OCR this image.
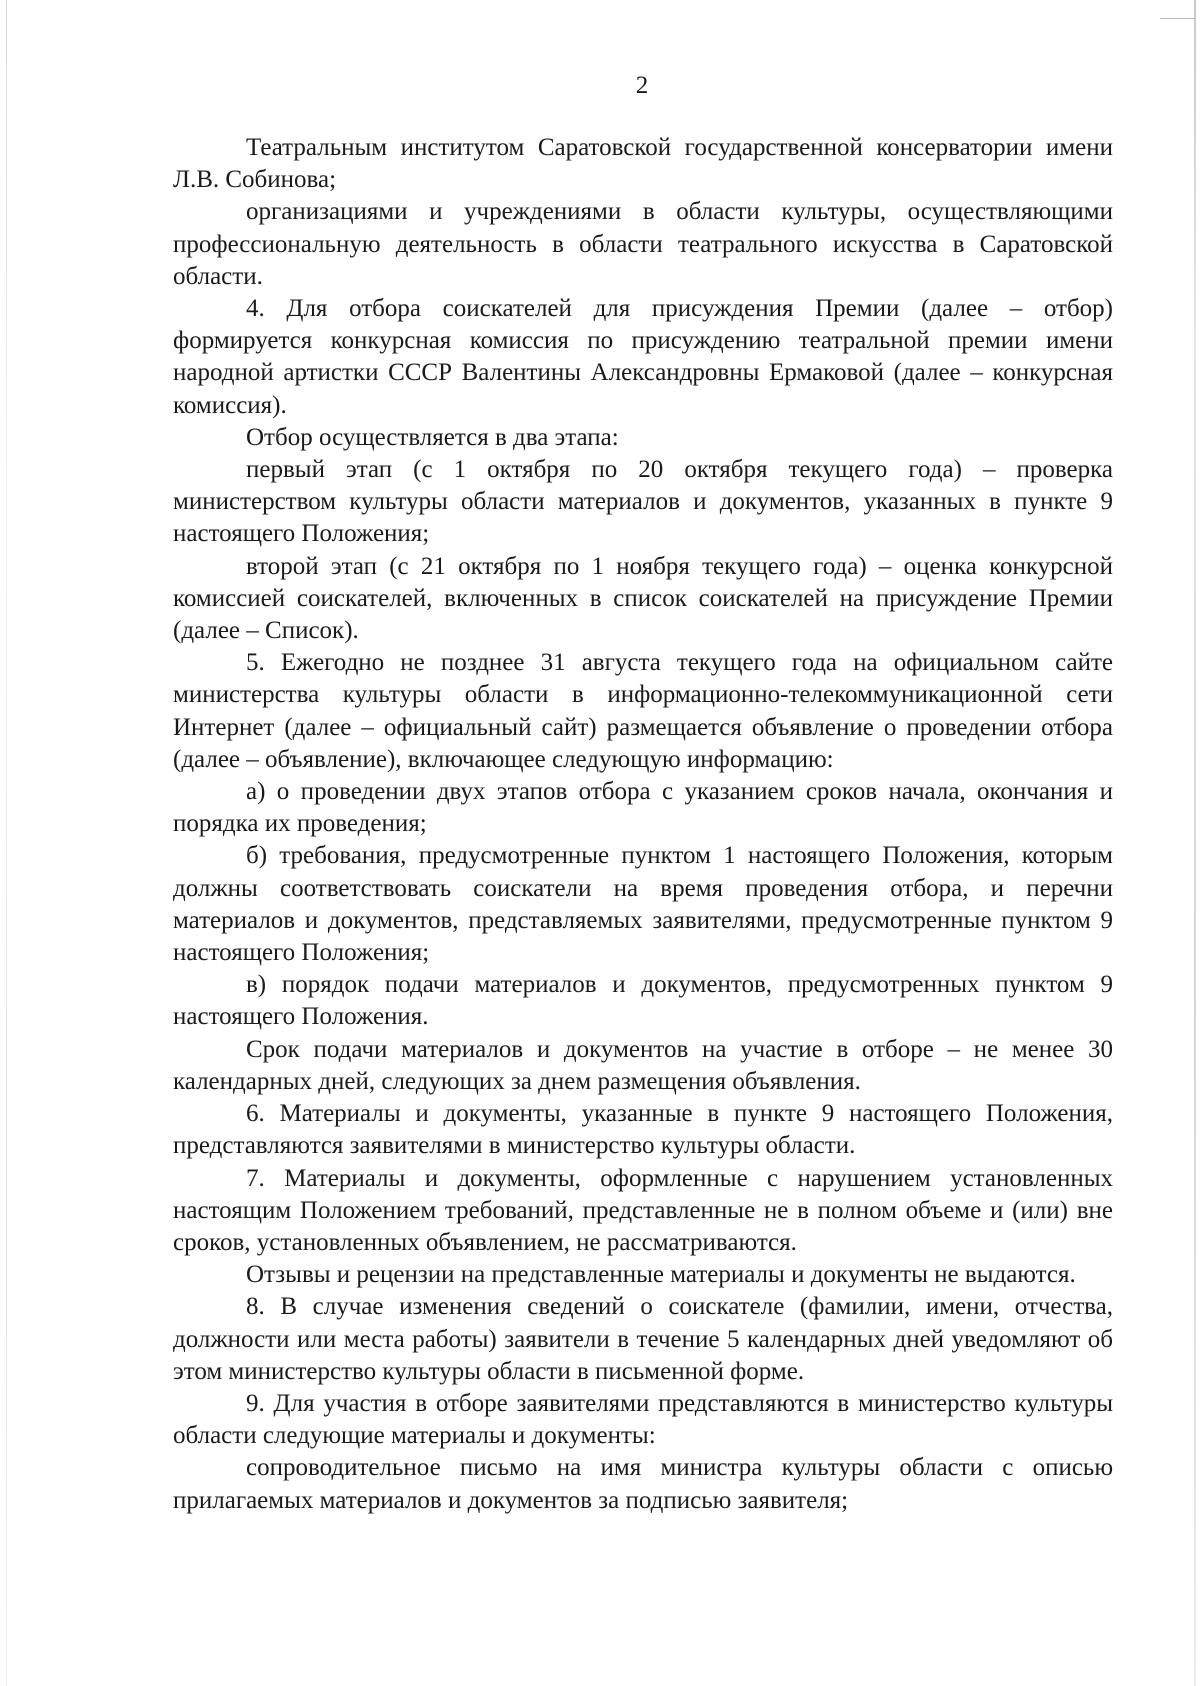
2

Театральным институтом Саратовской государственной консерватории имени Л.В. Собинова;

организациями и учреждениями в области культуры, осуществляющими профессиональную деятельность в области театрального искусства в Саратовской области.

4. Для отбора соискателей для присуждения Премии (далее – отбор) формируется конкурсная комиссия по присуждению театральной премии имени народной артистки СССР Валентины Александровны Ермаковой (далее – конкурсная комиссия).

Отбор осуществляется в два этапа:

первый этап (с 1 октября по 20 октября текущего года) – проверка министерством культуры области материалов и документов, указанных в пункте 9 настоящего Положения;

второй этап (с 21 октября по 1 ноября текущего года) – оценка конкурсной комиссией соискателей, включенных в список соискателей на присуждение Премии (далее – Список).

5. Ежегодно не позднее 31 августа текущего года на официальном сайте министерства культуры области в информационно-телекоммуникационной сети Интернет (далее – официальный сайт) размещается объявление о проведении отбора (далее – объявление), включающее следующую информацию:

а) о проведении двух этапов отбора с указанием сроков начала, окончания и порядка их проведения;

б) требования, предусмотренные пунктом 1 настоящего Положения, которым должны соответствовать соискатели на время проведения отбора, и перечни материалов и документов, представляемых заявителями, предусмотренные пунктом 9 настоящего Положения;

в) порядок подачи материалов и документов, предусмотренных пунктом 9 настоящего Положения.

Срок подачи материалов и документов на участие в отборе – не менее 30 календарных дней, следующих за днем размещения объявления.

6. Материалы и документы, указанные в пункте 9 настоящего Положения, представляются заявителями в министерство культуры области.

7. Материалы и документы, оформленные с нарушением установленных настоящим Положением требований, представленные не в полном объеме и (или) вне сроков, установленных объявлением, не рассматриваются.

Отзывы и рецензии на представленные материалы и документы не выдаются.

8. В случае изменения сведений о соискателе (фамилии, имени, отчества, должности или места работы) заявители в течение 5 календарных дней уведомляют об этом министерство культуры области в письменной форме.

9. Для участия в отборе заявителями представляются в министерство культуры области следующие материалы и документы:

сопроводительное письмо на имя министра культуры области с описью прилагаемых материалов и документов за подписью заявителя;
